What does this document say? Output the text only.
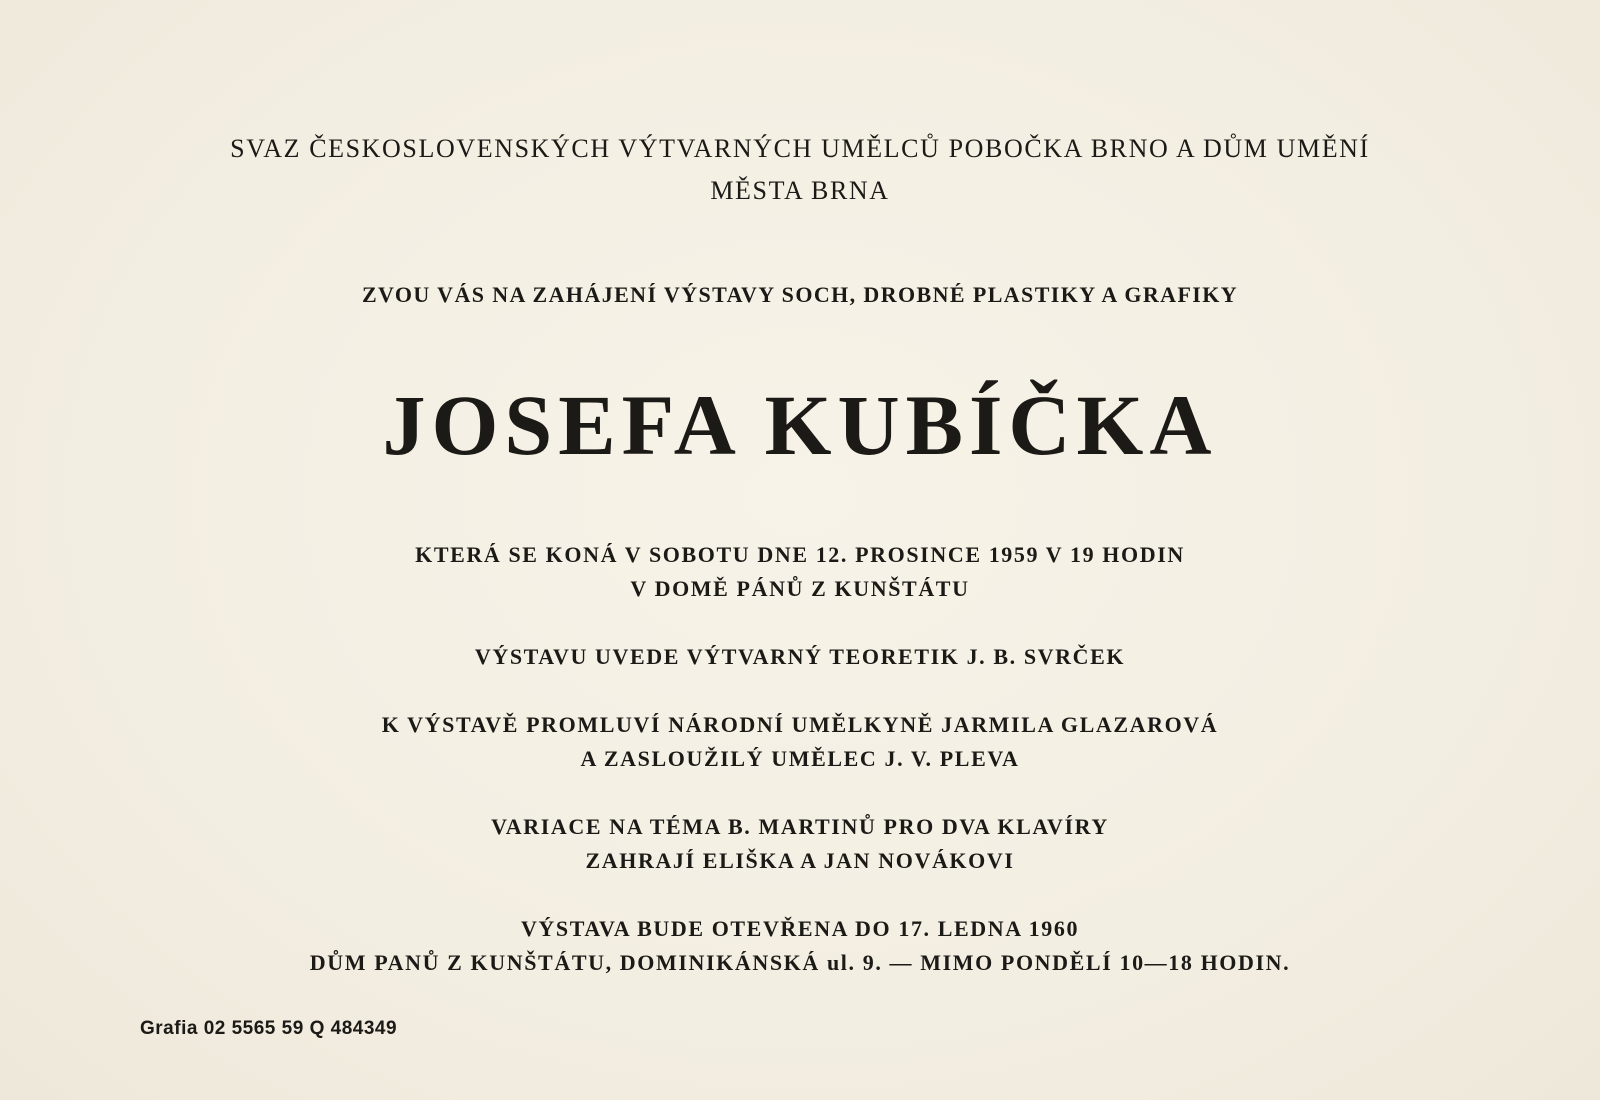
SVAZ ČESKOSLOVENSKÝCH VÝTVARNÝCH UMĚLCŮ POBOČKA BRNO A DŮM UMĚNÍ
MĚSTA BRNA
ZVOU VÁS NA ZAHÁJENÍ VÝSTAVY SOCH, DROBNÉ PLASTIKY A GRAFIKY
JOSEFA KUBÍČKA
KTERÁ SE KONÁ V SOBOTU DNE 12. PROSINCE 1959 V 19 HODIN
V DOMĚ PÁNŮ Z KUNŠTÁTU
VÝSTAVU UVEDE VÝTVARNÝ TEORETIK J. B. SVRČEK
K VÝSTAVĚ PROMLUVÍ NÁRODNÍ UMĚLKYNĚ JARMILA GLAZAROVÁ
A ZASLOUŽILÝ UMĚLEC J. V. PLEVA
VARIACE NA TÉMA B. MARTINŮ PRO DVA KLAVÍRY
ZAHRAJÍ ELIŠKA A JAN NOVÁKOVI
VÝSTAVA BUDE OTEVŘENA DO 17. LEDNA 1960
DŮM PANŮ Z KUNŠTÁTU, DOMINIKÁNSKÁ ul. 9. — MIMO PONDĚLÍ 10—18 HODIN.
Grafia 02 5565 59 Q 484349
